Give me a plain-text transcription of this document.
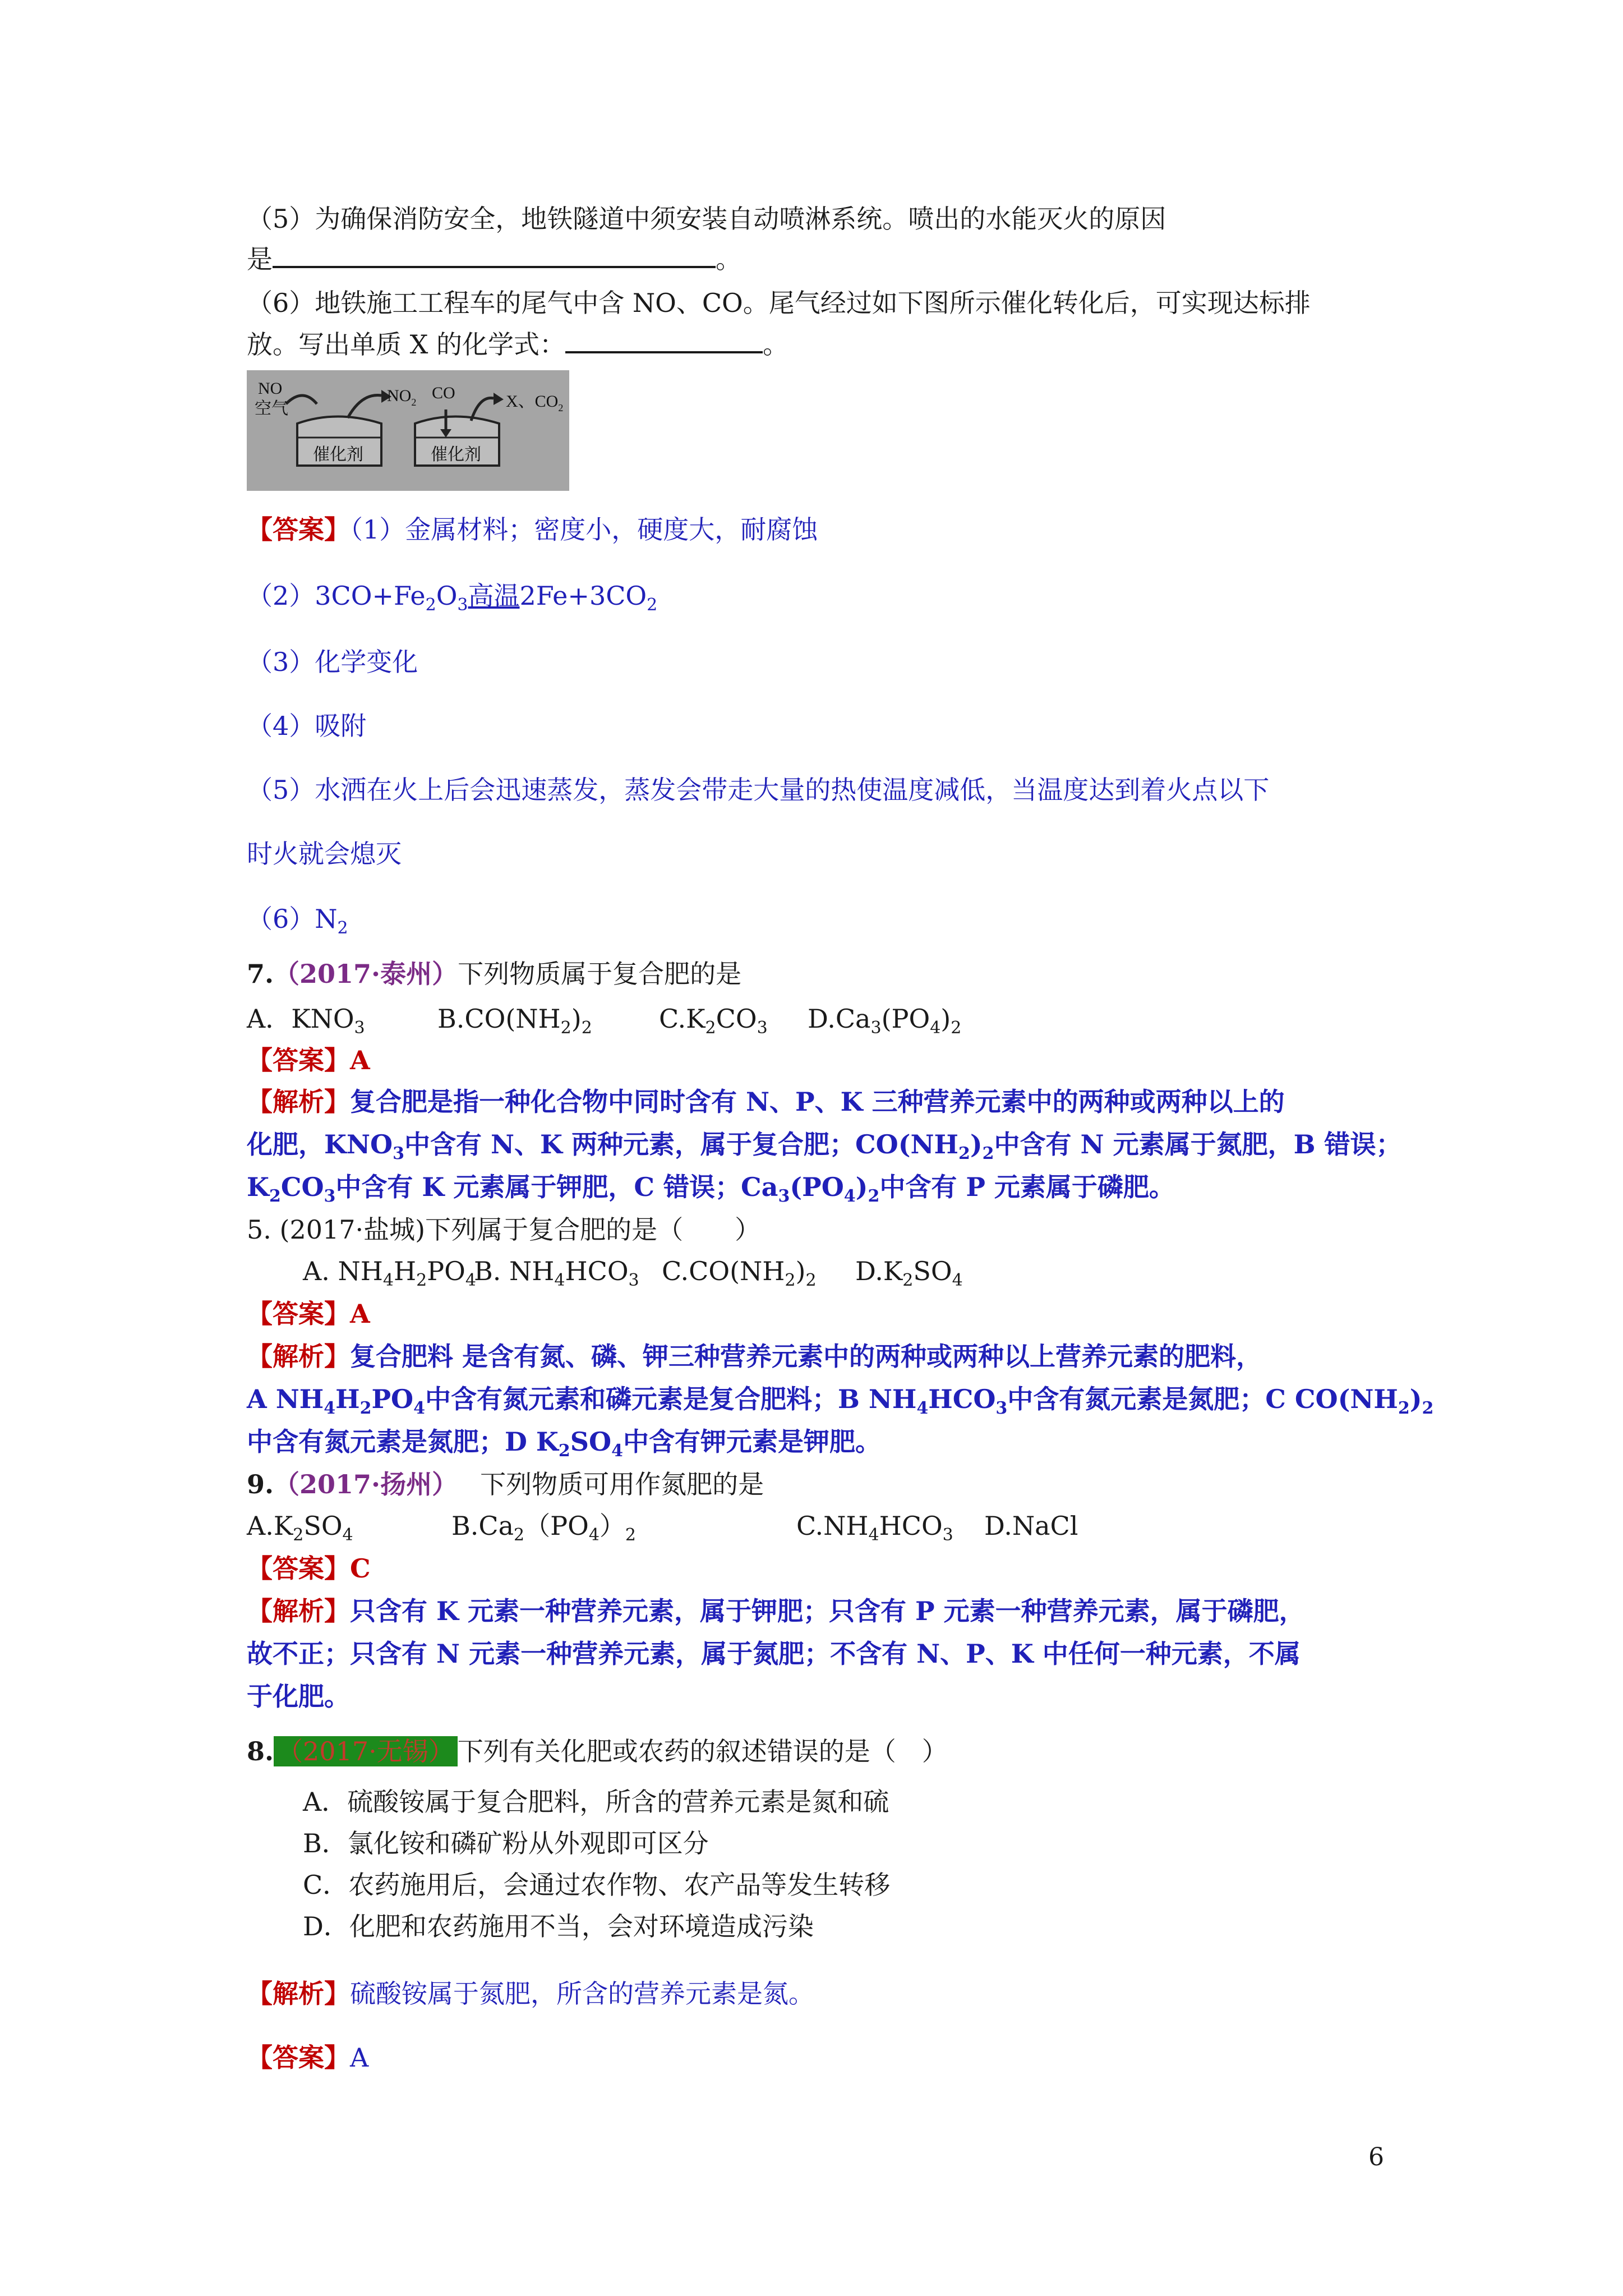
（5）为确保消防安全，地铁隧道中须安装自动喷淋系统。喷出的水能灭火的原因
是	。
（6）地铁施工工程车的尾气中含 NO、CO。尾气经过如下图所示催化转化后，可实现达标排
放。写出单质 X 的化学式：	。
NO
空气
$NO_2$ CO	X、$CO_2$
催化剂	催化剂
【答案】（1）金属材料；密度小，硬度大，耐腐蚀
$(2)3CO+Fe_2O_3$高温$2Fe+3CO_2$
（3）化学变化
（4）吸附
（5）水洒在火上后会迅速蒸发，蒸发会带走大量的热使温度减低，当温度达到着火点以下
时火就会熄灭
$(6)N_2$
7.（2017·泰州）下列物质属于复合肥的是
A．$KNO_3$	$B.CO(NH_2)_2$	$C.K_2CO_3$ $D.Ca_3(PO_4)_2$
【答案】A
【解析】复合肥是指一种化合物中同时含有 N、P、K 三种营养元素中的两种或两种以上的
化肥，$KNO_3$中含有 N、K 两种元素，属于复合肥；$CO(NH_2)_2$中含有 N 元素属于氮肥，B 错误；
$K_2CO_3$中含有 K 元素属于钾肥，C 错误；$Ca_3(PO_4)_2$中含有 P 元素属于磷肥。
5. (2017·盐城)下列属于复合肥的是（　　）
A. $NH_4H_2PO_4B$. $NH_4HCO_3$ $C.CO(NH_2)_2$ $D.K_2SO_4$
【答案】A
【解析】复合肥料 是含有氮、磷、钾三种营养元素中的两种或两种以上营养元素的肥料，
A $NH_4H_2PO_4$中含有氮元素和磷元素是复合肥料；B $NH_4HCO_3$中含有氮元素是氮肥；C $CO(NH_2)_2$
中含有氮元素是氮肥；D $K_2SO_4$中含有钾元素是钾肥。
9.（2017·扬州） 下列物质可用作氮肥的是
$A.K_2SO_4$	$B.Ca_2(PO_4)_2$	$C.NH_4HCO_3$ D.NaCl
【答案】C
【解析】只含有 K 元素一种营养元素，属于钾肥；只含有 P 元素一种营养元素，属于磷肥，
故不正；只含有 N 元素一种营养元素，属于氮肥；不含有 N、P、K 中任何一种元素，不属
于化肥。
8. （2017·无锡） 下列有关化肥或农药的叙述错误的是（　）
A．硫酸铵属于复合肥料，所含的营养元素是氮和硫
B．氯化铵和磷矿粉从外观即可区分
C．农药施用后，会通过农作物、农产品等发生转移
D．化肥和农药施用不当，会对环境造成污染
【解析】硫酸铵属于氮肥，所含的营养元素是氮。
【答案】A
6
